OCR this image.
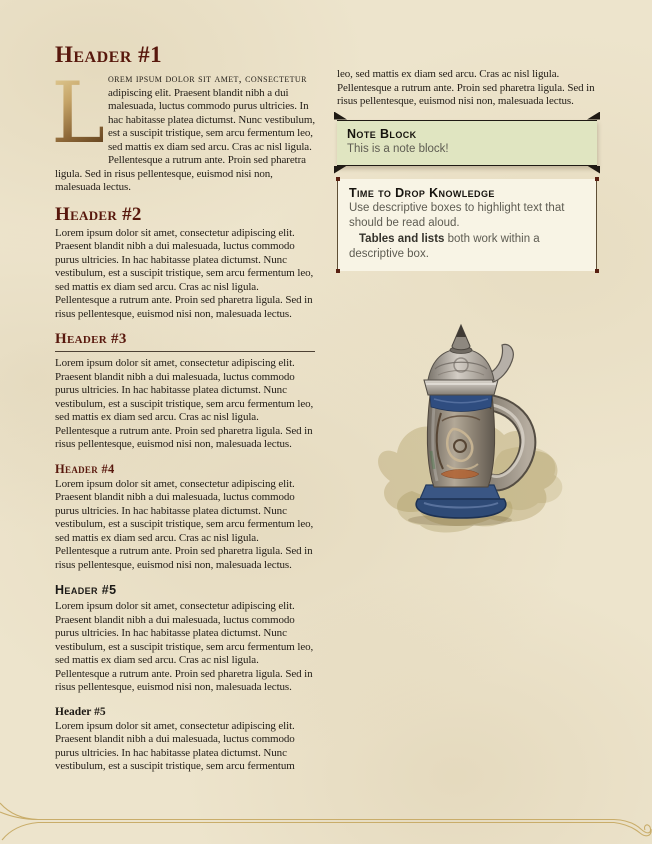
Header #1

L orem ipsum dolor sit amet, consectetur adipiscing elit. Praesent blandit nibh a dui malesuada, luctus commodo purus ultricies. In hac habitasse platea dictumst. Nunc vestibulum, est a suscipit tristique, sem arcu fermentum leo, sed mattis ex diam sed arcu. Cras ac nisl ligula. Pellentesque a rutrum ante. Proin sed pharetra ligula. Sed in risus pellentesque, euismod nisi non, malesuada lectus.

Header #2

Lorem ipsum dolor sit amet, consectetur adipiscing elit. Praesent blandit nibh a dui malesuada, luctus commodo purus ultricies. In hac habitasse platea dictumst. Nunc vestibulum, est a suscipit tristique, sem arcu fermentum leo, sed mattis ex diam sed arcu. Cras ac nisl ligula. Pellentesque a rutrum ante. Proin sed pharetra ligula. Sed in risus pellentesque, euismod nisi non, malesuada lectus.

Header #3

Lorem ipsum dolor sit amet, consectetur adipiscing elit. Praesent blandit nibh a dui malesuada, luctus commodo purus ultricies. In hac habitasse platea dictumst. Nunc vestibulum, est a suscipit tristique, sem arcu fermentum leo, sed mattis ex diam sed arcu. Cras ac nisl ligula. Pellentesque a rutrum ante. Proin sed pharetra ligula. Sed in risus pellentesque, euismod nisi non, malesuada lectus.

Header #4

Lorem ipsum dolor sit amet, consectetur adipiscing elit. Praesent blandit nibh a dui malesuada, luctus commodo purus ultricies. In hac habitasse platea dictumst. Nunc vestibulum, est a suscipit tristique, sem arcu fermentum leo, sed mattis ex diam sed arcu. Cras ac nisl ligula. Pellentesque a rutrum ante. Proin sed pharetra ligula. Sed in risus pellentesque, euismod nisi non, malesuada lectus.

Header #5

Lorem ipsum dolor sit amet, consectetur adipiscing elit. Praesent blandit nibh a dui malesuada, luctus commodo purus ultricies. In hac habitasse platea dictumst. Nunc vestibulum, est a suscipit tristique, sem arcu fermentum leo, sed mattis ex diam sed arcu. Cras ac nisl ligula. Pellentesque a rutrum ante. Proin sed pharetra ligula. Sed in risus pellentesque, euismod nisi non, malesuada lectus.

Header #5

Lorem ipsum dolor sit amet, consectetur adipiscing elit. Praesent blandit nibh a dui malesuada, luctus commodo purus ultricies. In hac habitasse platea dictumst. Nunc vestibulum, est a suscipit tristique, sem arcu fermentum

leo, sed mattis ex diam sed arcu. Cras ac nisl ligula. Pellentesque a rutrum ante. Proin sed pharetra ligula. Sed in risus pellentesque, euismod nisi non, malesuada lectus.

Note Block
This is a note block!
Time to Drop Knowledge
Use descriptive boxes to highlight text that should be read aloud.
Tables and lists both work within a descriptive box.
